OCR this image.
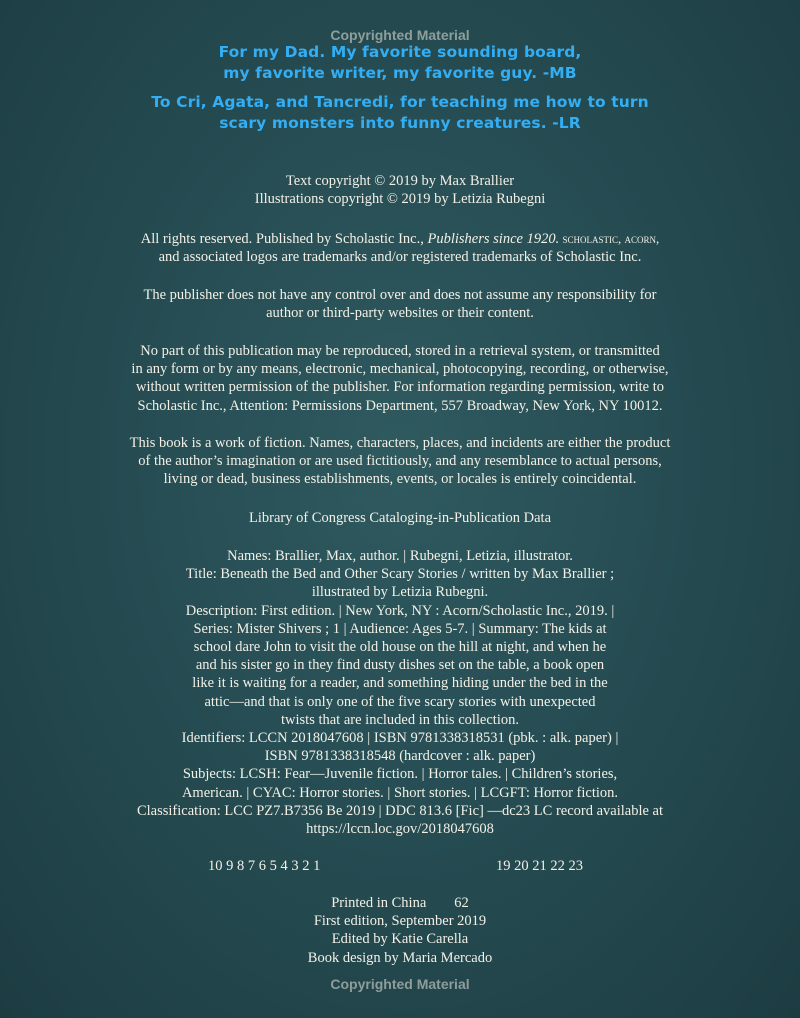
Copyrighted Material
For my Dad. My favorite sounding board,
my favorite writer, my favorite guy. -MB
To Cri, Agata, and Tancredi, for teaching me how to turn
scary monsters into funny creatures. -LR
Text copyright © 2019 by Max Brallier
Illustrations copyright © 2019 by Letizia Rubegni
All rights reserved. Published by Scholastic Inc., Publishers since 1920. scholastic, acorn,
and associated logos are trademarks and/or registered trademarks of Scholastic Inc.
The publisher does not have any control over and does not assume any responsibility for
author or third-party websites or their content.
No part of this publication may be reproduced, stored in a retrieval system, or transmitted
in any form or by any means, electronic, mechanical, photocopying, recording, or otherwise,
without written permission of the publisher. For information regarding permission, write to
Scholastic Inc., Attention: Permissions Department, 557 Broadway, New York, NY 10012.
This book is a work of fiction. Names, characters, places, and incidents are either the product
of the author’s imagination or are used fictitiously, and any resemblance to actual persons,
living or dead, business establishments, events, or locales is entirely coincidental.
Library of Congress Cataloging-in-Publication Data
Names: Brallier, Max, author. | Rubegni, Letizia, illustrator.
Title: Beneath the Bed and Other Scary Stories / written by Max Brallier ;
illustrated by Letizia Rubegni.
Description: First edition. | New York, NY : Acorn/Scholastic Inc., 2019. |
Series: Mister Shivers ; 1 | Audience: Ages 5-7. | Summary: The kids at
school dare John to visit the old house on the hill at night, and when he
and his sister go in they find dusty dishes set on the table, a book open
like it is waiting for a reader, and something hiding under the bed in the
attic—and that is only one of the five scary stories with unexpected
twists that are included in this collection.
Identifiers: LCCN 2018047608 | ISBN 9781338318531 (pbk. : alk. paper) |
ISBN 9781338318548 (hardcover : alk. paper)
Subjects: LCSH: Fear—Juvenile fiction. | Horror tales. | Children’s stories,
American. | CYAC: Horror stories. | Short stories. | LCGFT: Horror fiction.
Classification: LCC PZ7.B7356 Be 2019 | DDC 813.6 [Fic] —dc23 LC record available at
https://lccn.loc.gov/2018047608
10 9 8 7 6 5 4 3 2 1	19 20 21 22 23
Printed in China 62
First edition, September 2019
Edited by Katie Carella
Book design by Maria Mercado
Copyrighted Material
